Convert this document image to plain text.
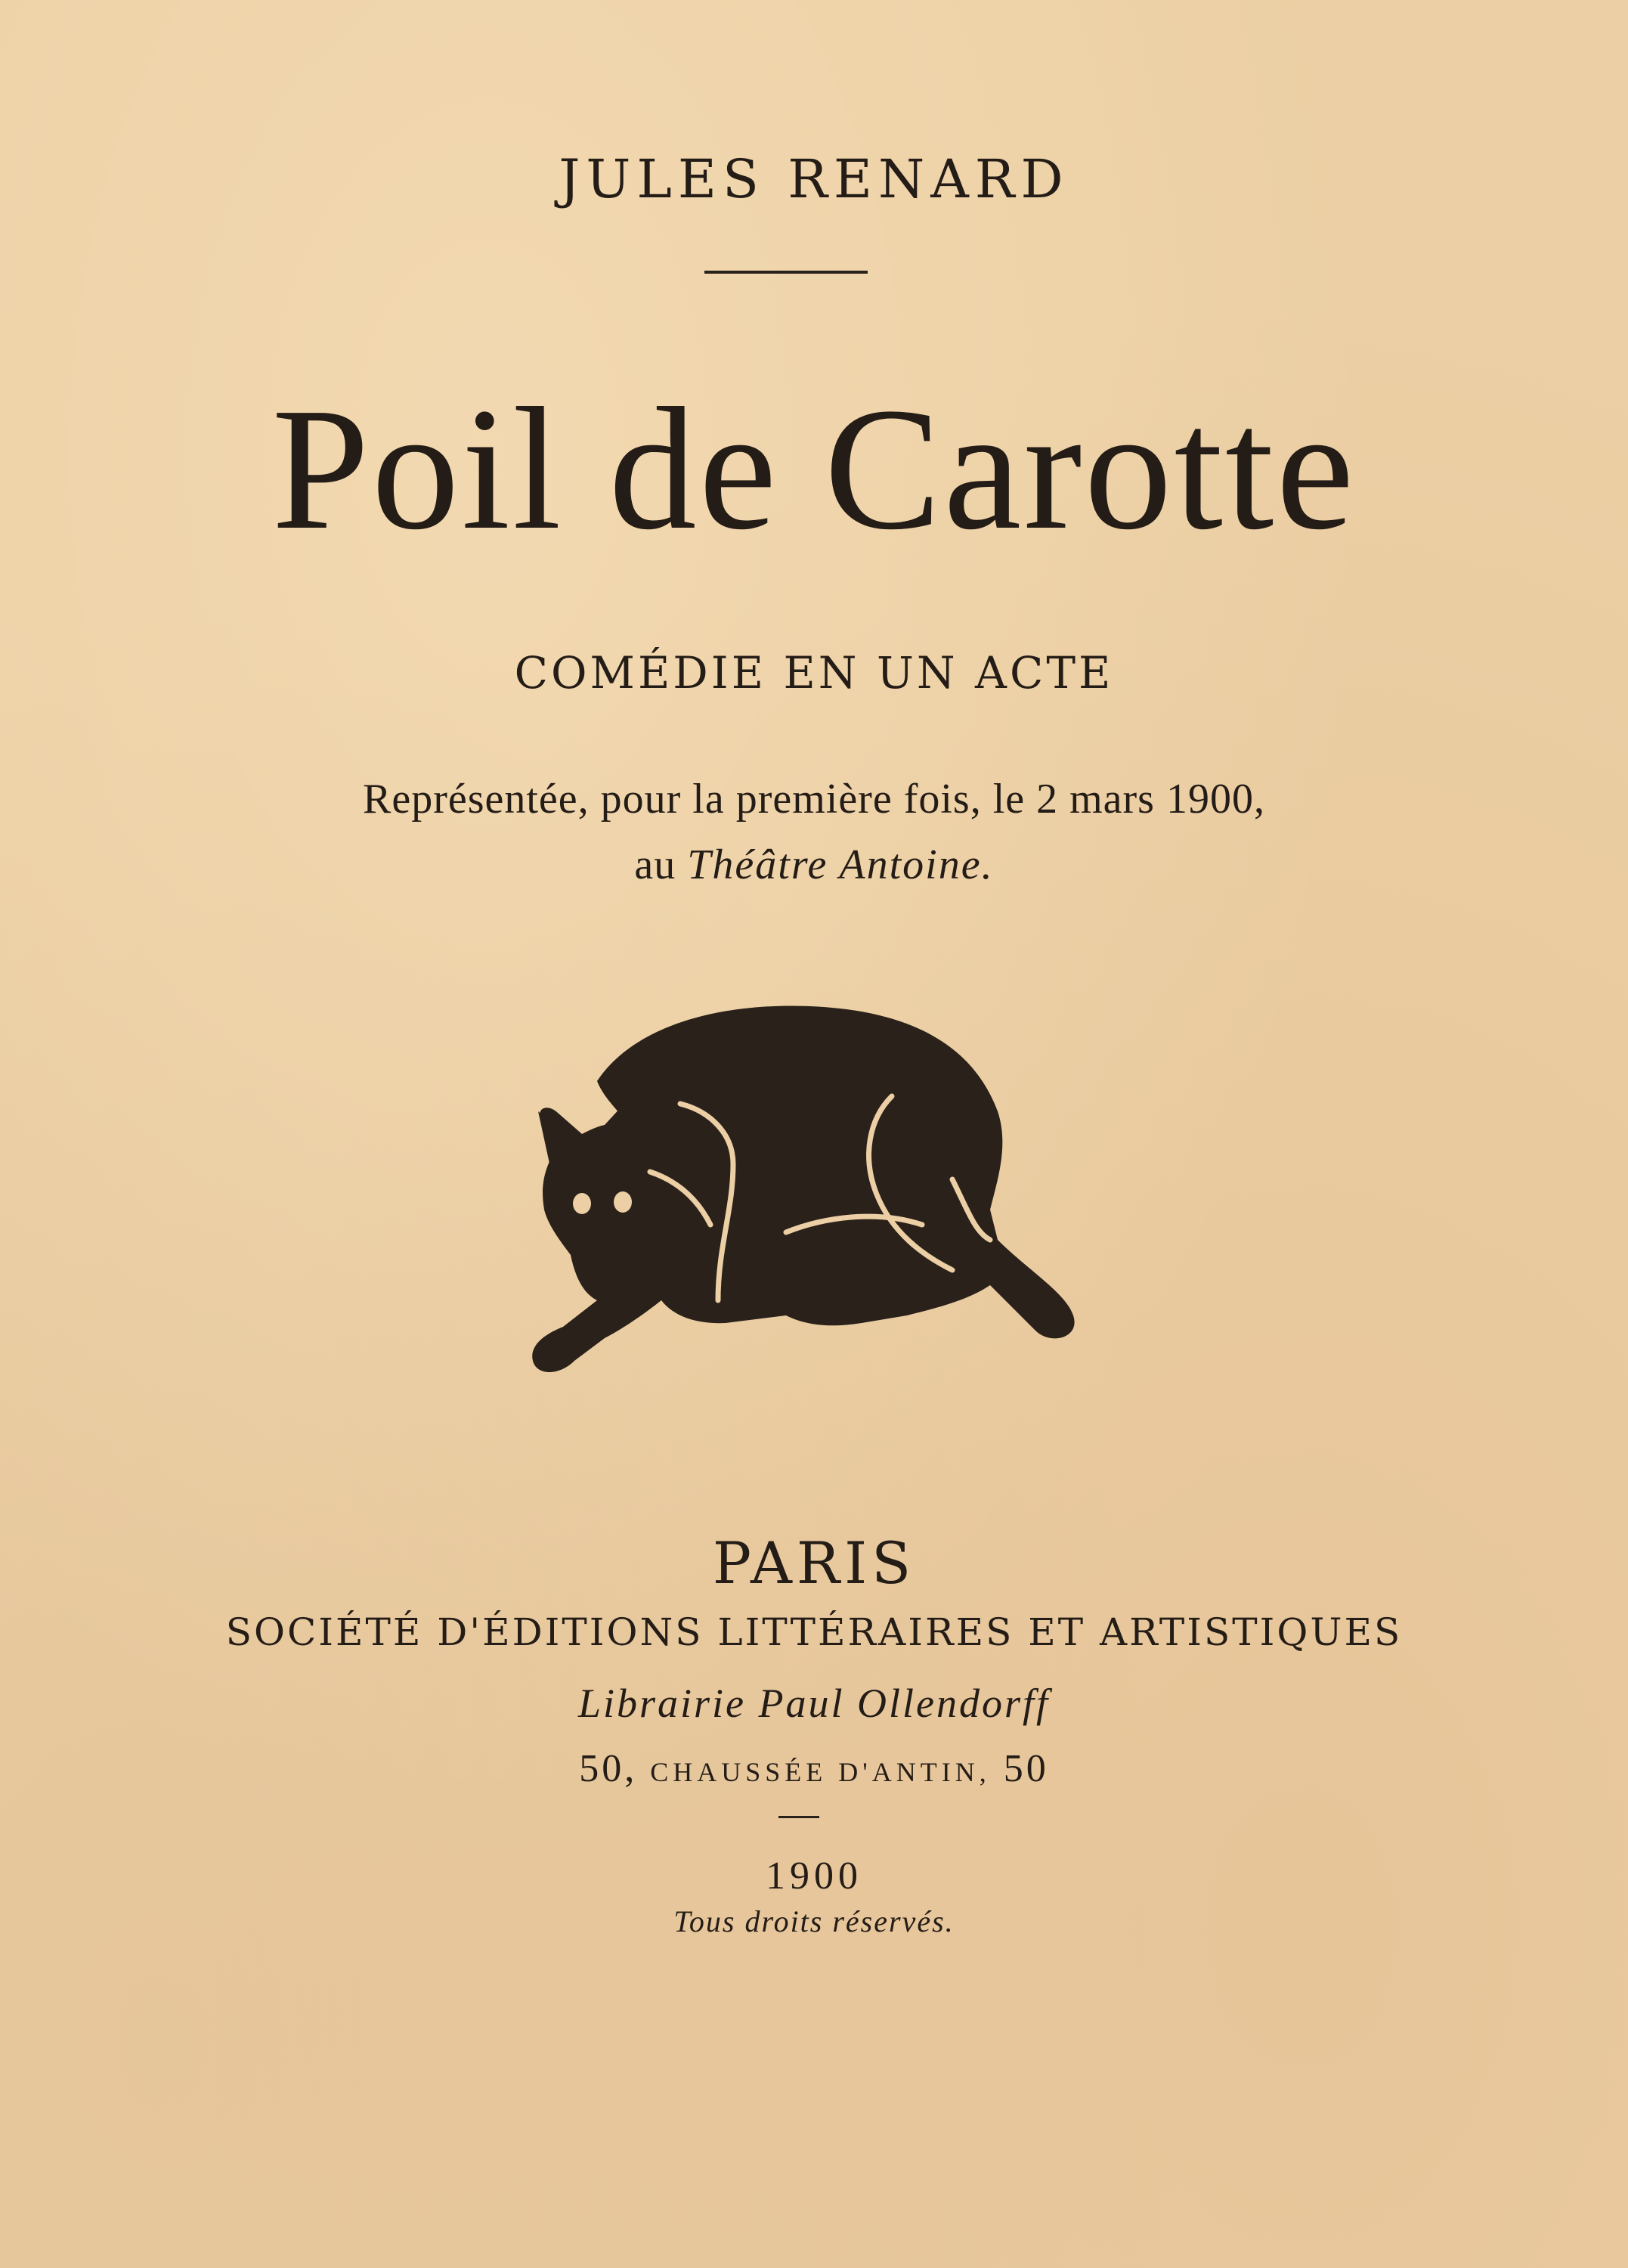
JULES RENARD
Poil de Carotte
COMÉDIE EN UN ACTE
Représentée, pour la première fois, le 2 mars 1900,
au Théâtre Antoine.
PARIS
SOCIÉTÉ D'ÉDITIONS LITTÉRAIRES ET ARTISTIQUES
Librairie Paul Ollendorff
50, CHAUSSÉE D'ANTIN, 50
1900
Tous droits réservés.
